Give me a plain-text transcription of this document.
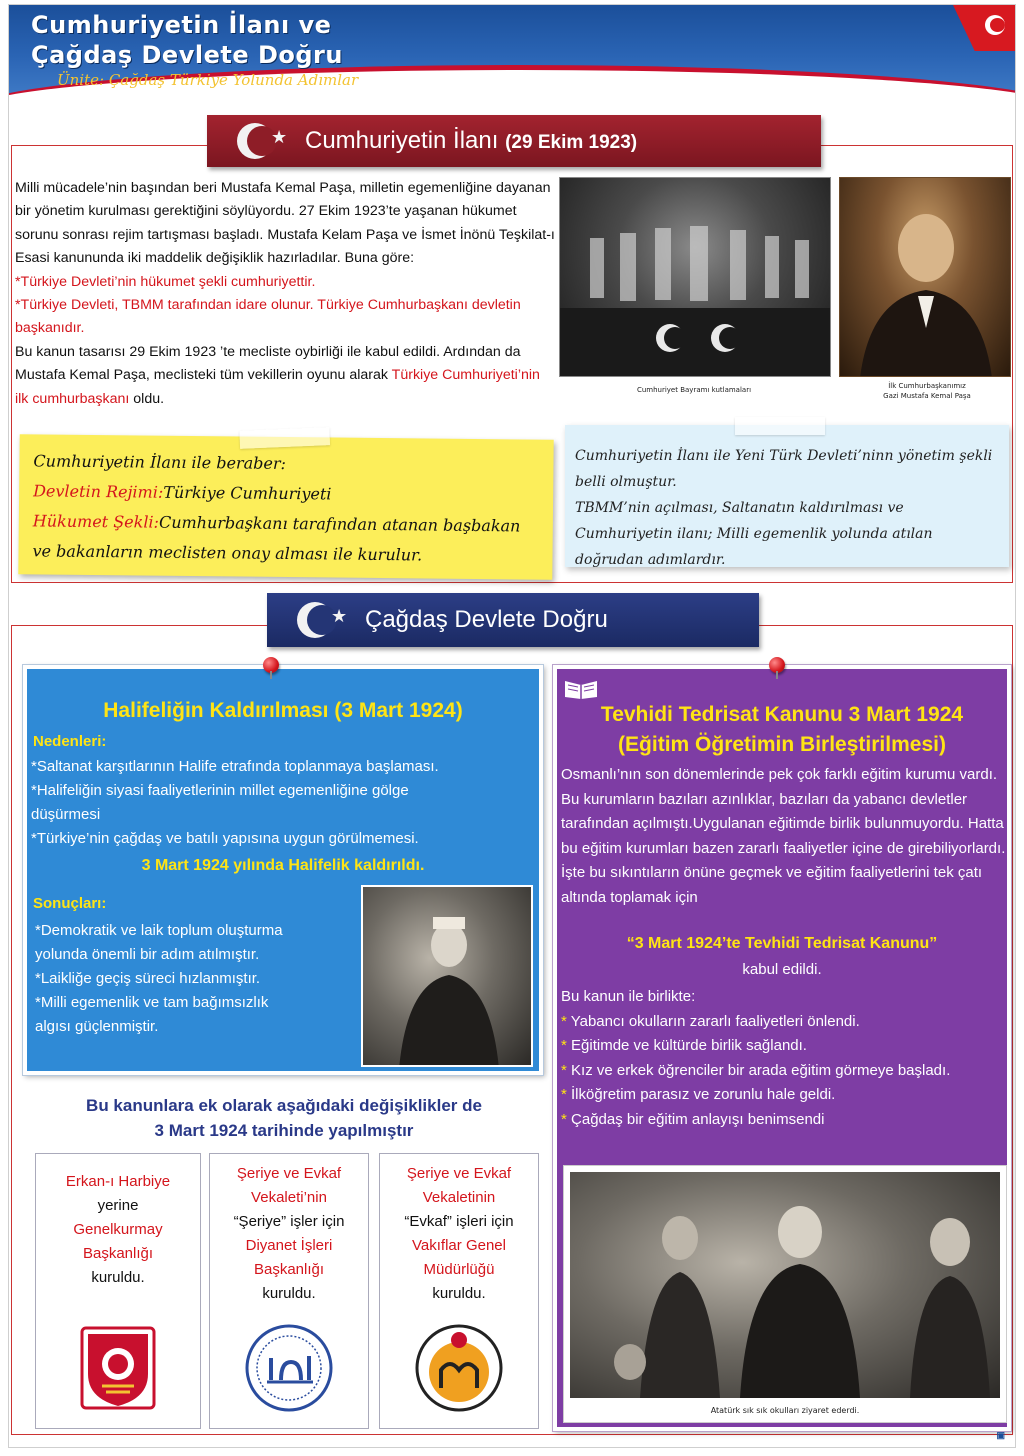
Cumhuriyetin İlanı ve
Çağdaş Devlete Doğru
Ünite: Çağdaş Türkiye Yolunda Adımlar
Milli mücadele’nin başından beri Mustafa Kemal Paşa, milletin egemenliğine dayanan bir yönetim kurulması gerektiğini söylüyordu. 27 Ekim 1923’te yaşanan hükumet sorunu sonrası rejim tartışması başladı. Mustafa Kelam Paşa ve İsmet İnönü Teşkilat-ı Esasi kanununda iki maddelik değişiklik hazırladılar. Buna göre:
*Türkiye Devleti’nin hükumet şekli cumhuriyettir.
*Türkiye Devleti, TBMM tarafından idare olunur. Türkiye Cumhurbaşkanı devletin başkanıdır.
Bu kanun tasarısı 29 Ekim 1923 ’te mecliste oybirliği ile kabul edildi. Ardından da Mustafa Kemal Paşa, meclisteki tüm vekillerin oyunu alarak Türkiye Cumhuriyeti’nin ilk cumhurbaşkanı oldu.
Cumhuriyet Bayramı kutlamaları	İlk Cumhurbaşkanımız
Gazi Mustafa Kemal Paşa
Cumhuriyetin İlanı ile beraber:
Devletin Rejimi:Türkiye Cumhuriyeti
Hükumet Şekli:Cumhurbaşkanı tarafından atanan başbakan ve bakanların meclisten onay alması ile kurulur.
Cumhuriyetin İlanı ile Yeni Türk Devleti’ninn yönetim şekli belli olmuştur.
TBMM’nin açılması, Saltanatın kaldırılması ve Cumhuriyetin ilanı; Milli egemenlik yolunda atılan doğrudan adımlardır.
★ Cumhuriyetin İlanı (29 Ekim 1923)
★ Çağdaş Devlete Doğru
Halifeliğin Kaldırılması (3 Mart 1924)
Nedenleri:
*Saltanat karşıtlarının Halife etrafında toplanmaya başlaması.
*Halifeliğin siyasi faaliyetlerinin millet egemenliğine gölge
düşürmesi
*Türkiye’nin çağdaş ve batılı yapısına uygun görülmemesi.
3 Mart 1924 yılında Halifelik kaldırıldı.
Sonuçları:
*Demokratik ve laik toplum oluşturma
yolunda önemli bir adım atılmıştır.
*Laikliğe geçiş süreci hızlanmıştır.
*Milli egemenlik ve tam bağımsızlık
algısı güçlenmiştir.
Tevhidi Tedrisat Kanunu 3 Mart 1924
(Eğitim Öğretimin Birleştirilmesi)
Osmanlı’nın son dönemlerinde pek çok farklı eğitim kurumu vardı. Bu kurumların bazıları azınlıklar, bazıları da yabancı devletler tarafından açılmıştı.Uygulanan eğitimde birlik bulunmuyordu. Hatta bu eğitim kurumları bazen zararlı faaliyetler içine de girebiliyorlardı. İşte bu sıkıntıların önüne geçmek ve eğitim faaliyetlerini tek çatı altında toplamak için
“3 Mart 1924’te Tevhidi Tedrisat Kanunu”
kabul edildi.
Bu kanun ile birlikte:
* Yabancı okulların zararlı faaliyetleri önlendi.
* Eğitimde ve kültürde birlik sağlandı.
* Kız ve erkek öğrenciler bir arada eğitim görmeye başladı.
* İlköğretim parasız ve zorunlu hale geldi.
* Çağdaş bir eğitim anlayışı benimsendi
Atatürk sık sık okulları ziyaret ederdi.
Bu kanunlara ek olarak aşağıdaki değişiklikler de
3 Mart 1924 tarihinde yapılmıştır
Erkan-ı Harbiye
yerine
Genelkurmay Başkanlığı
kuruldu.
Şeriye ve Evkaf Vekaleti’nin
“Şeriye” işler için
Diyanet İşleri Başkanlığı
kuruldu.
Şeriye ve Evkaf Vekaletinin
“Evkaf” işleri için
Vakıflar Genel Müdürlüğü
kuruldu.
▣
